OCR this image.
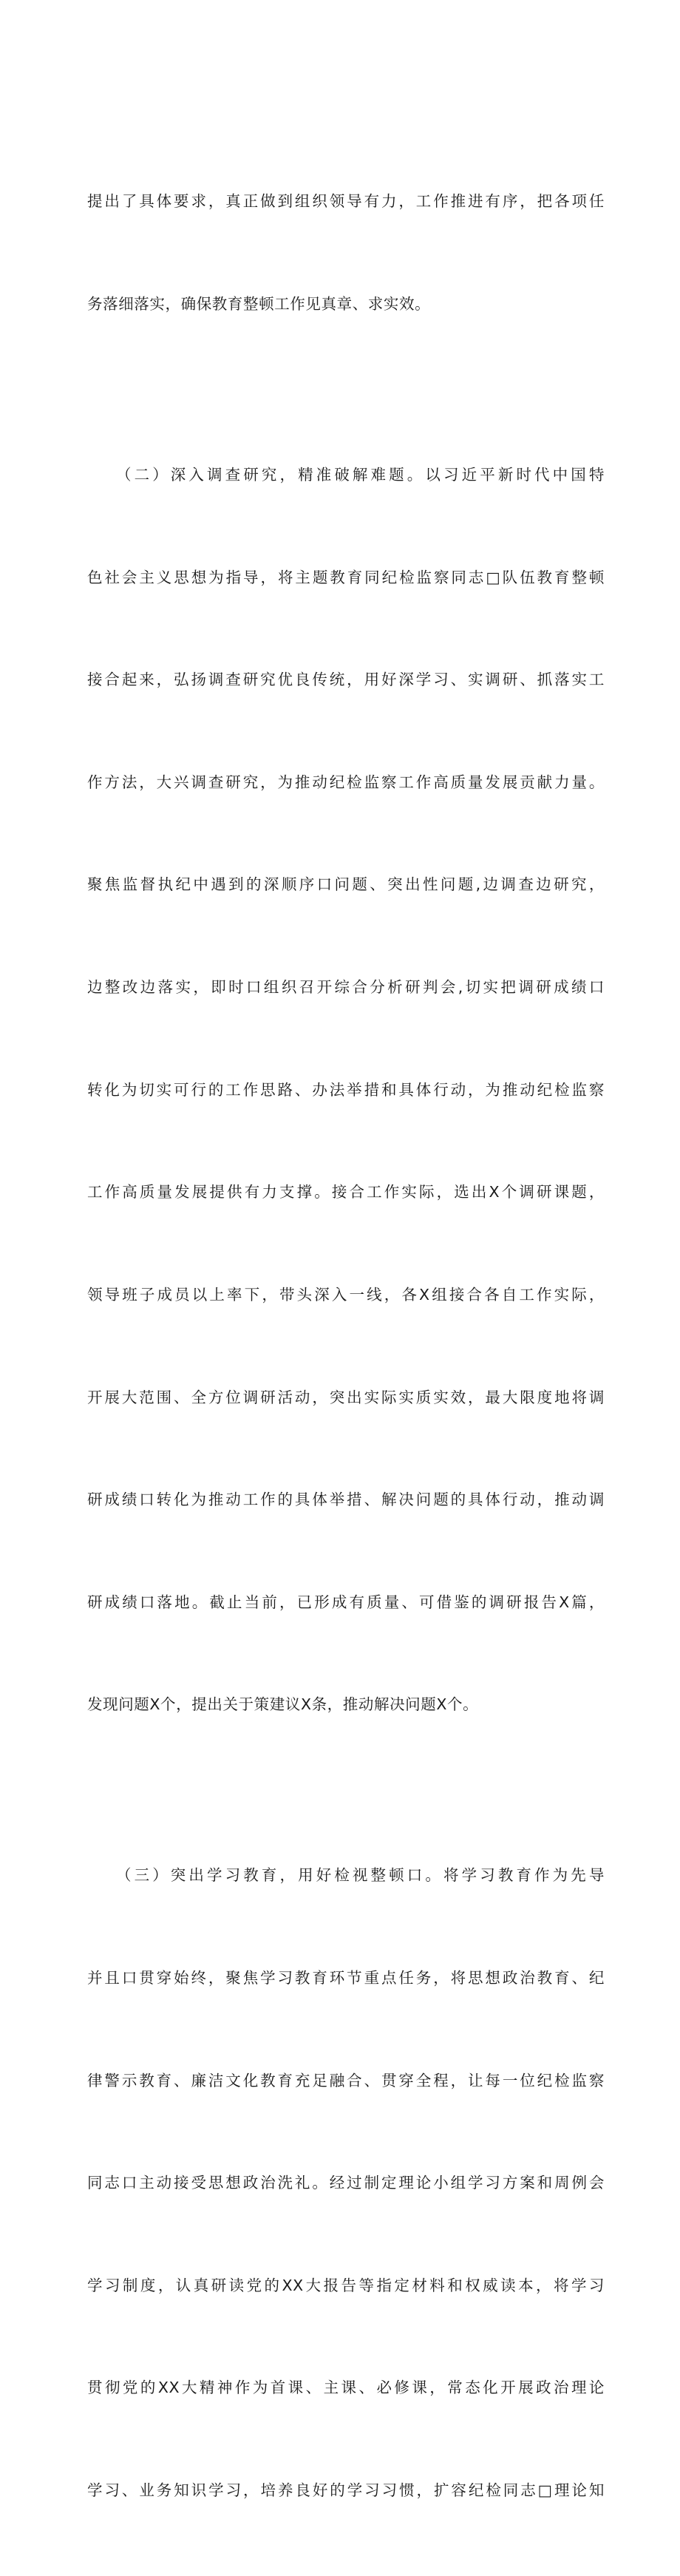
提出了具体要求，真正做到组织领导有力，工作推进有序，把各项任

务落细落实，确保教育整顿工作见真章、求实效。

　　（二）深入调查研究，精准破解难题。以习近平新时代中国特

色社会主义思想为指导，将主题教育同纪检监察同志□队伍教育整顿

接合起来，弘扬调查研究优良传统，用好深学习、实调研、抓落实工

作方法，大兴调查研究，为推动纪检监察工作高质量发展贡献力量。

聚焦监督执纪中遇到的深顺序口问题、突出性问题,边调查边研究，

边整改边落实，即时口组织召开综合分析研判会,切实把调研成绩口

转化为切实可行的工作思路、办法举措和具体行动，为推动纪检监察

工作高质量发展提供有力支撑。接合工作实际，选出X个调研课题，

领导班子成员以上率下，带头深入一线，各X组接合各自工作实际，

开展大范围、全方位调研活动，突出实际实质实效，最大限度地将调

研成绩口转化为推动工作的具体举措、解决问题的具体行动，推动调

研成绩口落地。截止当前，已形成有质量、可借鉴的调研报告X篇，

发现问题X个，提出关于策建议X条，推动解决问题X个。

　　（三）突出学习教育，用好检视整顿口。将学习教育作为先导

并且口贯穿始终，聚焦学习教育环节重点任务，将思想政治教育、纪

律警示教育、廉洁文化教育充足融合、贯穿全程，让每一位纪检监察

同志口主动接受思想政治洗礼。经过制定理论小组学习方案和周例会

学习制度，认真研读党的XX大报告等指定材料和权威读本，将学习

贯彻党的XX大精神作为首课、主课、必修课，常态化开展政治理论

学习、业务知识学习，培养良好的学习习惯，扩容纪检同志□理论知
